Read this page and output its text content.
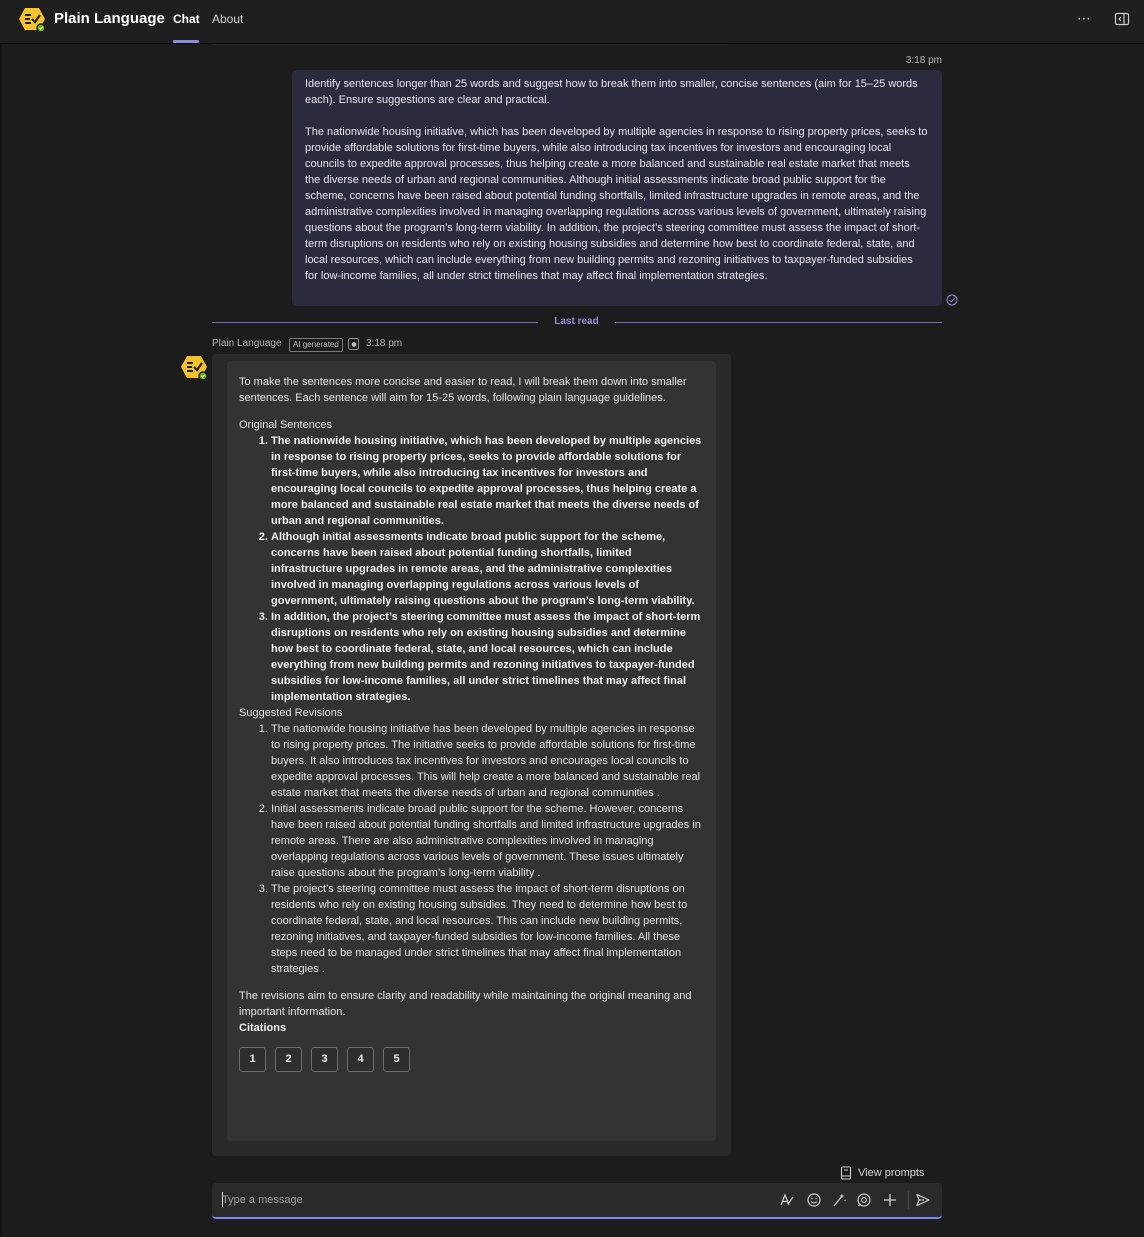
Plain Language Chat About	⋯
3:18 pm

Identify sentences longer than 25 words and suggest how to break them into smaller, concise sentences (aim for 15–25 words each). Ensure suggestions are clear and practical.

The nationwide housing initiative, which has been developed by multiple agencies in response to rising property prices, seeks to provide affordable solutions for first-time buyers, while also introducing tax incentives for investors and encouraging local councils to expedite approval processes, thus helping create a more balanced and sustainable real estate market that meets the diverse needs of urban and regional communities. Although initial assessments indicate broad public support for the scheme, concerns have been raised about potential funding shortfalls, limited infrastructure upgrades in remote areas, and the administrative complexities involved in managing overlapping regulations across various levels of government, ultimately raising questions about the program’s long-term viability. In addition, the project’s steering committee must assess the impact of short-term disruptions on residents who rely on existing housing subsidies and determine how best to coordinate federal, state, and local resources, which can include everything from new building permits and rezoning initiatives to taxpayer-funded subsidies for low-income families, all under strict timelines that may affect final implementation strategies.

Last read
Plain Language	AI generated	3:18 pm

To make the sentences more concise and easier to read, I will break them down into smaller sentences. Each sentence will aim for 15-25 words, following plain language guidelines.

Original Sentences

1. The nationwide housing initiative, which has been developed by multiple agencies in response to rising property prices, seeks to provide affordable solutions for first-time buyers, while also introducing tax incentives for investors and encouraging local councils to expedite approval processes, thus helping create a more balanced and sustainable real estate market that meets the diverse needs of urban and regional communities.
2. Although initial assessments indicate broad public support for the scheme, concerns have been raised about potential funding shortfalls, limited infrastructure upgrades in remote areas, and the administrative complexities involved in managing overlapping regulations across various levels of government, ultimately raising questions about the program’s long-term viability.
3. In addition, the project’s steering committee must assess the impact of short-term disruptions on residents who rely on existing housing subsidies and determine how best to coordinate federal, state, and local resources, which can include everything from new building permits and rezoning initiatives to taxpayer-funded subsidies for low-income families, all under strict timelines that may affect final implementation strategies.

Suggested Revisions

1. The nationwide housing initiative has been developed by multiple agencies in response to rising property prices. The initiative seeks to provide affordable solutions for first-time buyers. It also introduces tax incentives for investors and encourages local councils to expedite approval processes. This will help create a more balanced and sustainable real estate market that meets the diverse needs of urban and regional communities .
2. Initial assessments indicate broad public support for the scheme. However, concerns have been raised about potential funding shortfalls and limited infrastructure upgrades in remote areas. There are also administrative complexities involved in managing overlapping regulations across various levels of government. These issues ultimately raise questions about the program’s long-term viability .
3. The project’s steering committee must assess the impact of short-term disruptions on residents who rely on existing housing subsidies. They need to determine how best to coordinate federal, state, and local resources. This can include new building permits, rezoning initiatives, and taxpayer-funded subsidies for low-income families. All these steps need to be managed under strict timelines that may affect final implementation strategies .

The revisions aim to ensure clarity and readability while maintaining the original meaning and important information.

Citations

1	2	3	4	5
View prompts
Type a message
